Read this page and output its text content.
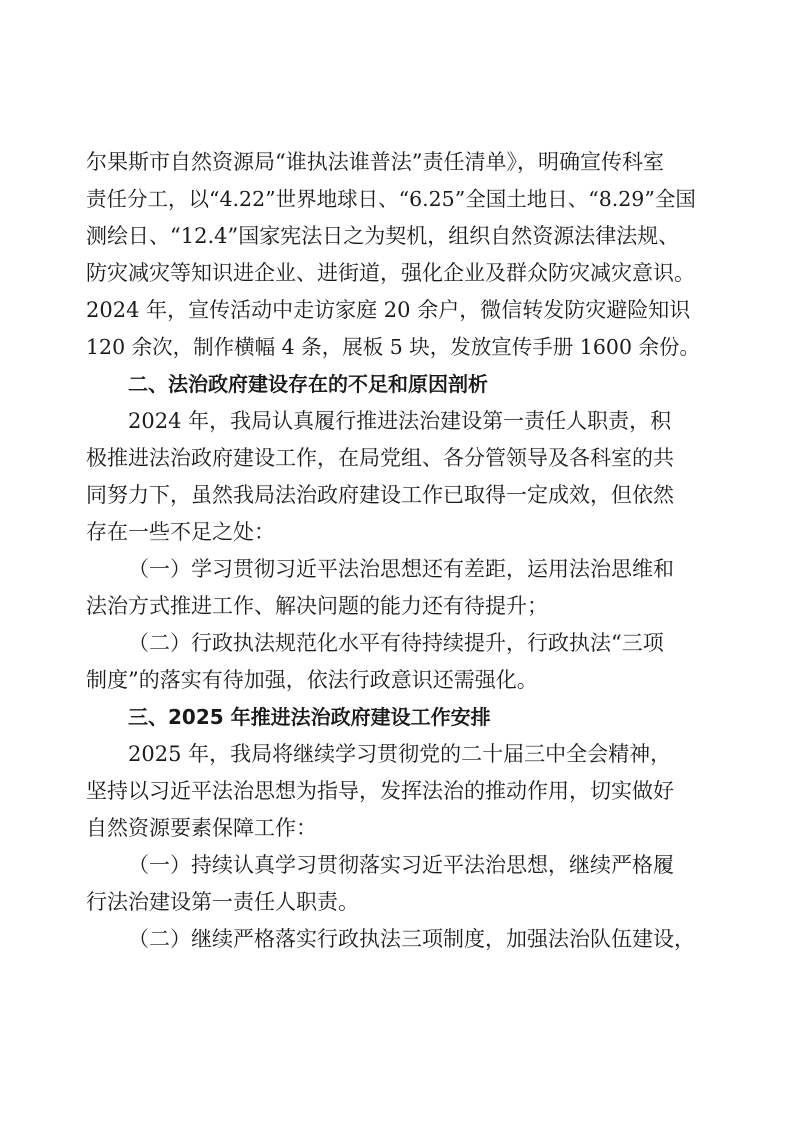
尔果斯市自然资源局“谁执法谁普法”责任清单》，明确宣传科室
责任分工，以“4.22”世界地球日、“6.25”全国土地日、“8.29”全国
测绘日、“12.4”国家宪法日之为契机，组织自然资源法律法规、
防灾减灾等知识进企业、进街道，强化企业及群众防灾减灾意识。
2024 年，宣传活动中走访家庭 20 余户，微信转发防灾避险知识
120 余次，制作横幅 4 条，展板 5 块，发放宣传手册 1600 余份。
二、法治政府建设存在的不足和原因剖析
2024 年，我局认真履行推进法治建设第一责任人职责，积
极推进法治政府建设工作，在局党组、各分管领导及各科室的共
同努力下，虽然我局法治政府建设工作已取得一定成效，但依然
存在一些不足之处：
（一）学习贯彻习近平法治思想还有差距，运用法治思维和
法治方式推进工作、解决问题的能力还有待提升；
（二）行政执法规范化水平有待持续提升，行政执法“三项
制度”的落实有待加强，依法行政意识还需强化。
三、2025 年推进法治政府建设工作安排
2025 年，我局将继续学习贯彻党的二十届三中全会精神，
坚持以习近平法治思想为指导，发挥法治的推动作用，切实做好
自然资源要素保障工作：
（一）持续认真学习贯彻落实习近平法治思想，继续严格履
行法治建设第一责任人职责。
（二）继续严格落实行政执法三项制度，加强法治队伍建设，
